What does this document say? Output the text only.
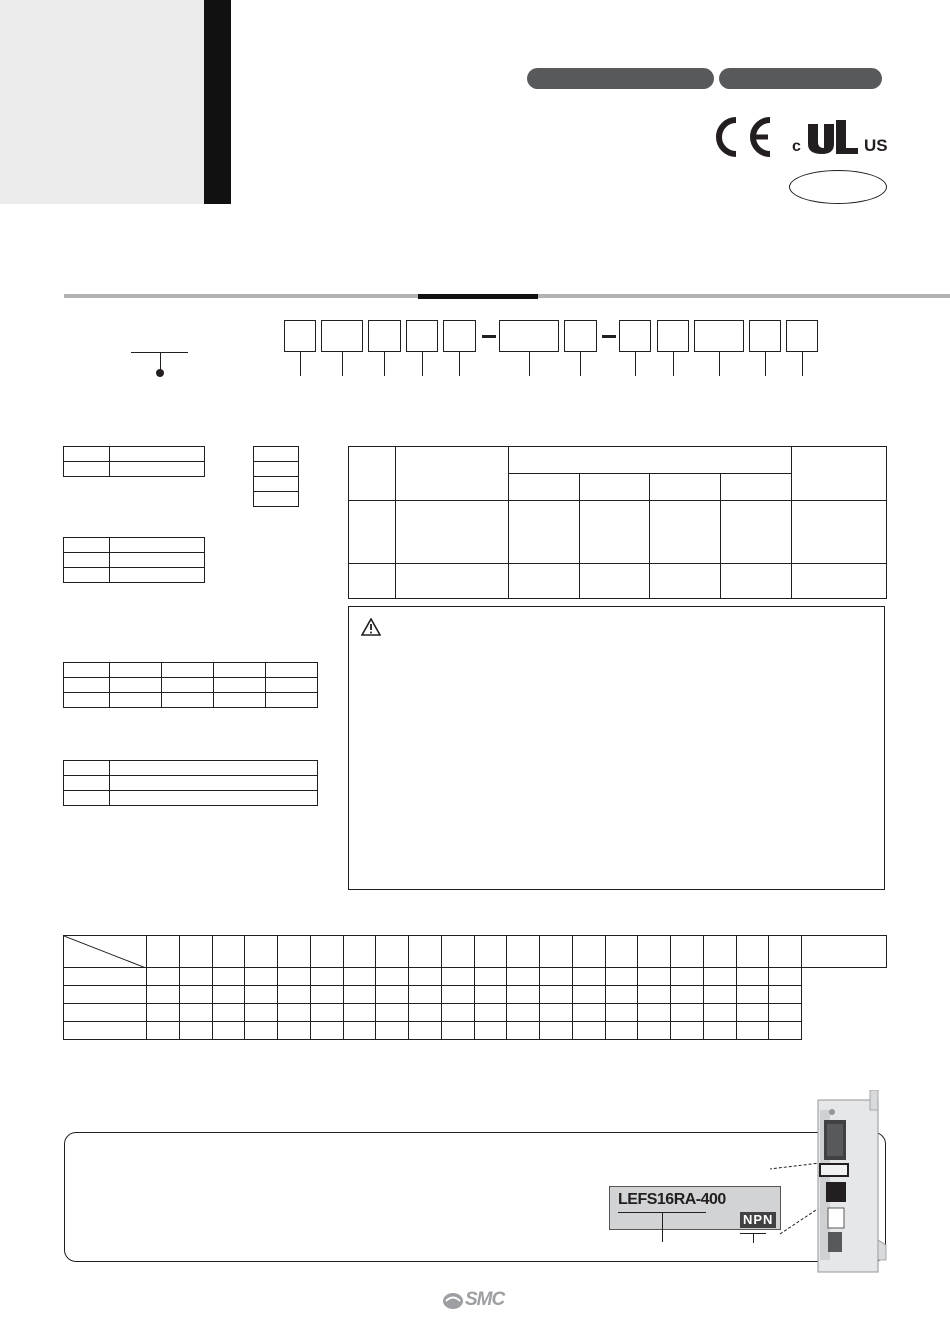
c	US

LEFS16RA-400
NPN
SMC
